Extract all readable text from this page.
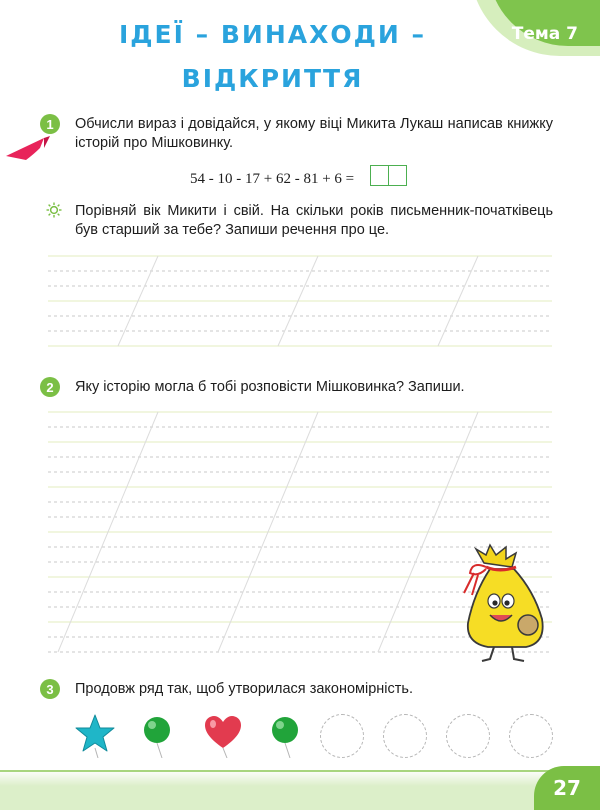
Тема 7
ІДЕЇ – ВИНАХОДИ –
ВІДКРИТТЯ
1	Обчисли вираз і довідайся, у якому віці Микита Лукаш написав книжку історій про Мішковинку.
54 - 10 - 17 + 62 - 81 + 6 =
Порівняй вік Микити і свій. На скільки років письменник-початківець був старший за тебе? Запиши речення про це.
2	Яку історію могла б тобі розповісти Мішковинка? Запиши.
3	Продовж ряд так, щоб утворилася закономірність.
27
